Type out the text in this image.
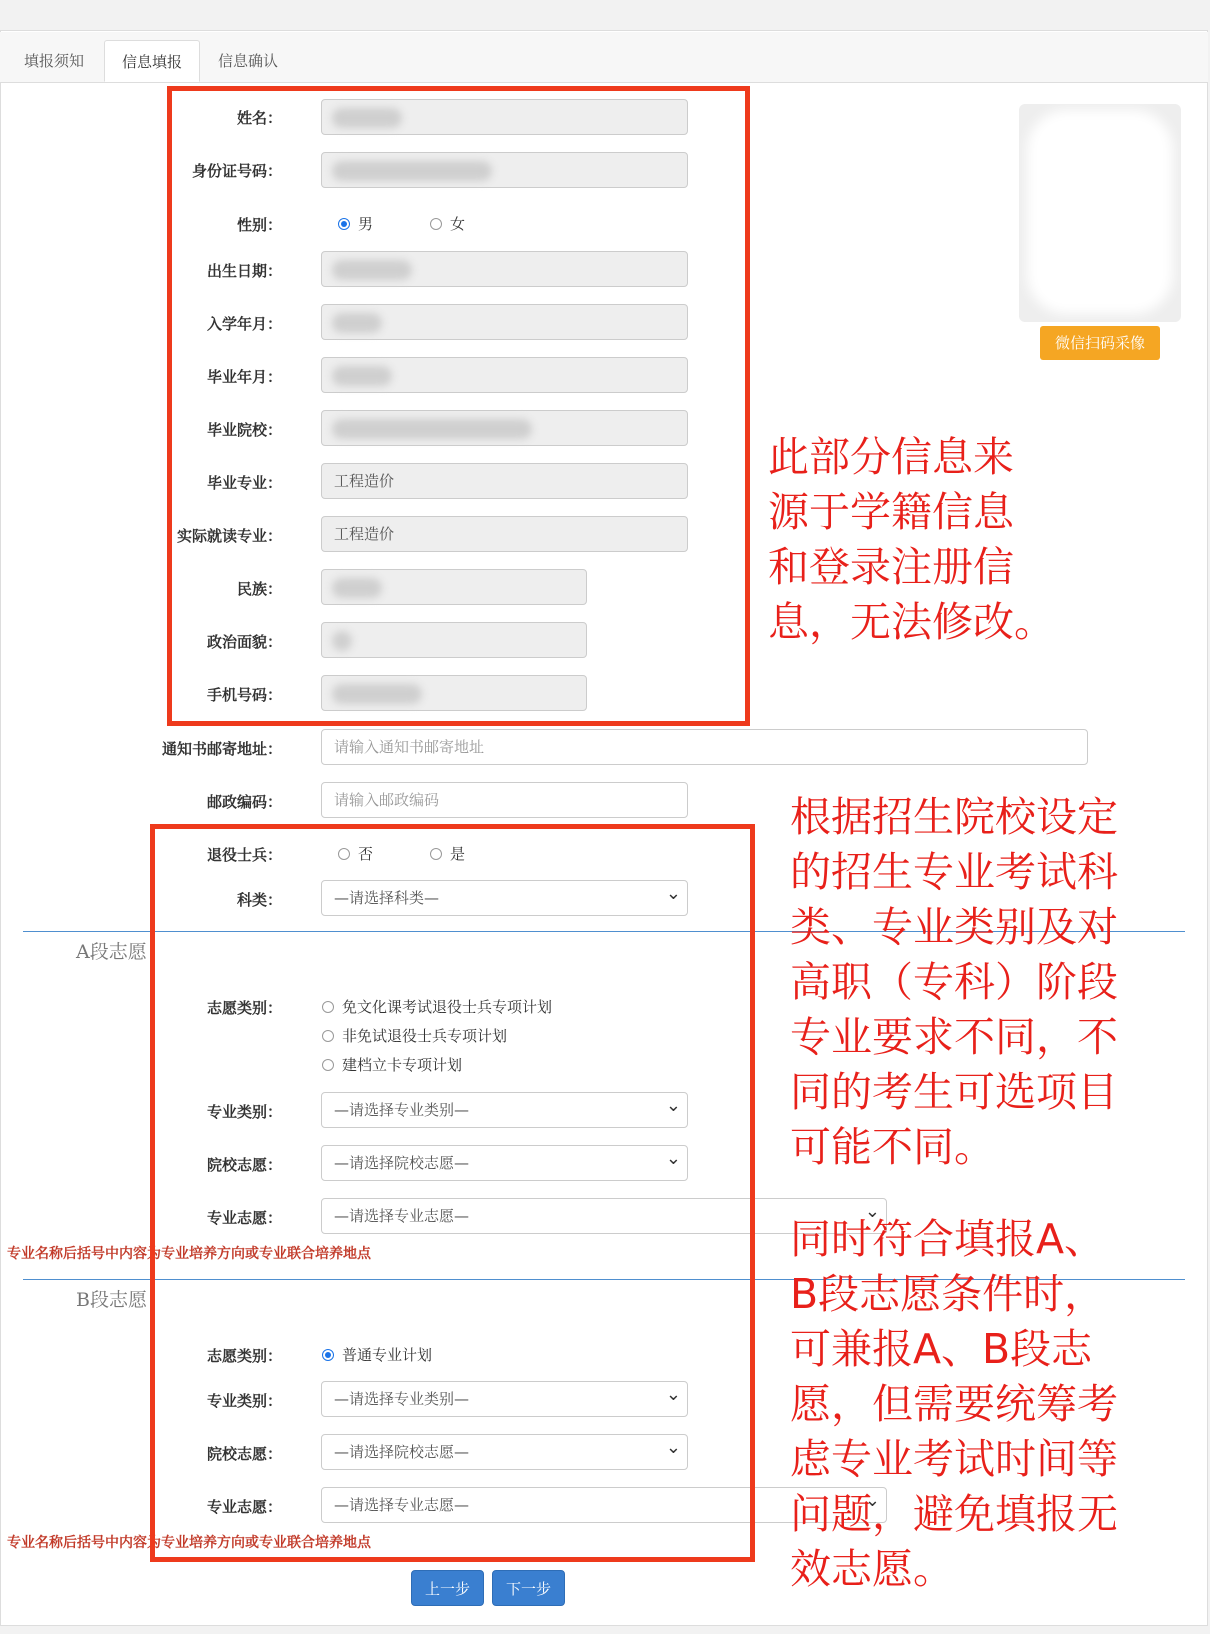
填报须知	信息填报	信息确认
微信扫码采像
姓名：
身份证号码：
性别：	男	女
出生日期：
入学年月：
毕业年月：
毕业院校：
毕业专业：	工程造价
实际就读专业：	工程造价
民族：
政治面貌：
手机号码：
通知书邮寄地址：	请输入通知书邮寄地址
邮政编码：	请输入邮政编码
退役士兵：	否	是
科类：	—请选择科类— ⌄
A段志愿
志愿类别：	免文化课考试退役士兵专项计划
非免试退役士兵专项计划
建档立卡专项计划
专业类别：	—请选择专业类别— ⌄
院校志愿：	—请选择院校志愿— ⌄
专业志愿：	—请选择专业志愿— ⌄
专业名称后括号中内容为专业培养方向或专业联合培养地点
B段志愿
志愿类别：	普通专业计划
专业类别：	—请选择专业类别— ⌄
院校志愿：	—请选择院校志愿— ⌄
专业志愿：	—请选择专业志愿— ⌄
专业名称后括号中内容为专业培养方向或专业联合培养地点
上一步	下一步
此部分信息来
源于学籍信息
和登录注册信
息，无法修改。
根据招生院校设定
的招生专业考试科
类、专业类别及对
高职（专科）阶段
专业要求不同，不
同的考生可选项目
可能不同。
同时符合填报A、
B段志愿条件时，
可兼报A、B段志
愿，但需要统筹考
虑专业考试时间等
问题，避免填报无
效志愿。
